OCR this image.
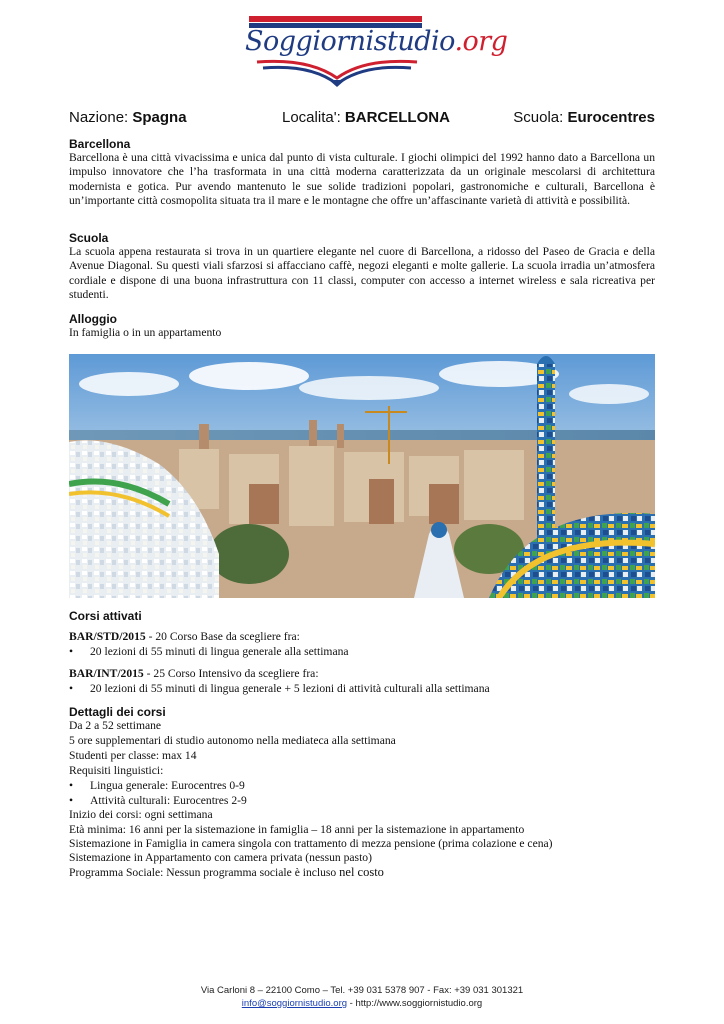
Soggiornistudio.org
Nazione: Spagna	Localita': BARCELLONA	Scuola: Eurocentres
Barcellona
Barcellona è una città vivacissima e unica dal punto di vista culturale. I giochi olimpici del 1992 hanno dato a Barcellona un impulso innovatore che l’ha trasformata in una città moderna caratterizzata da un originale mescolarsi di architettura modernista e gotica. Pur avendo mantenuto le sue solide tradizioni popolari, gastronomiche e culturali, Barcellona è un’importante città cosmopolita situata tra il mare e le montagne che offre un’affascinante varietà di attività e possibilità.
Scuola
La scuola appena restaurata si trova in un quartiere elegante nel cuore di Barcellona, a ridosso del Paseo de Gracia e della Avenue Diagonal. Su questi viali sfarzosi si affacciano caffè, negozi eleganti e molte gallerie. La scuola irradia un’atmosfera cordiale e dispone di una buona infrastruttura con 11 classi, computer con accesso a internet wireless e sala ricreativa per studenti.
Alloggio
In famiglia o in un appartamento
Corsi attivati
BAR/STD/2015 - 20 Corso Base da scegliere fra:
• 20 lezioni di 55 minuti di lingua generale alla settimana
BAR/INT/2015 - 25 Corso Intensivo da scegliere fra:
• 20 lezioni di 55 minuti di lingua generale + 5 lezioni di attività culturali alla settimana
Dettagli dei corsi
Da 2 a 52 settimane
5 ore supplementari di studio autonomo nella mediateca alla settimana
Studenti per classe: max 14
Requisiti linguistici:
• Lingua generale: Eurocentres 0-9
• Attività culturali: Eurocentres 2-9
Inizio dei corsi: ogni settimana
Età minima: 16 anni per la sistemazione in famiglia – 18 anni per la sistemazione in appartamento
Sistemazione in Famiglia in camera singola con trattamento di mezza pensione (prima colazione e cena)
Sistemazione in Appartamento con camera privata (nessun pasto)
Programma Sociale: Nessun programma sociale è incluso nel costo
Via Carloni 8 – 22100 Como – Tel. +39 031 5378 907 - Fax: +39 031 301321
info@soggiornistudio.org - http://www.soggiornistudio.org
